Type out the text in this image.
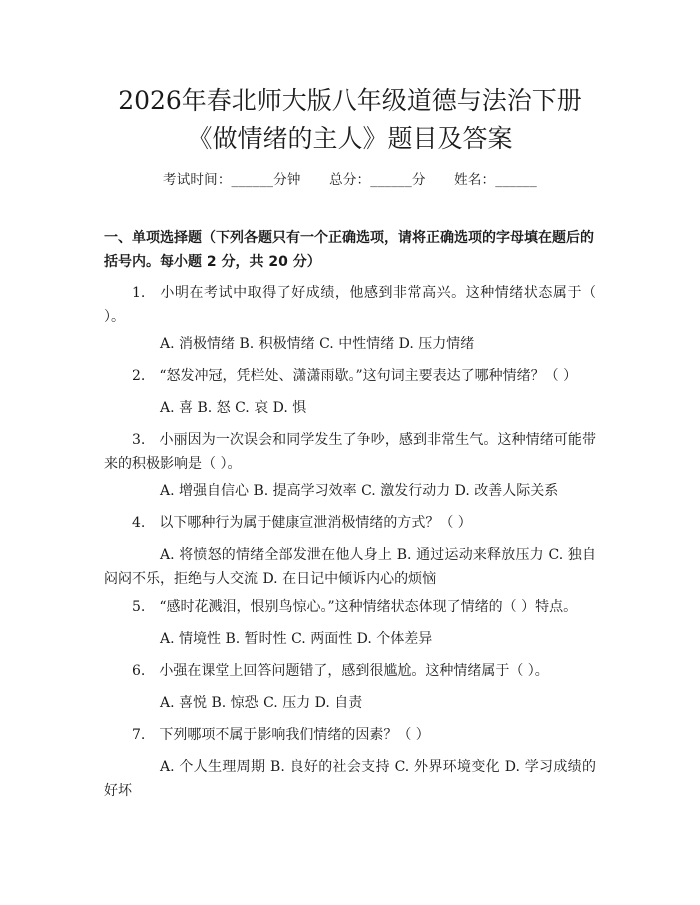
2026年春北师大版八年级道德与法治下册
《做情绪的主人》题目及答案
考试时间：______分钟 总分：______分 姓名：______
一、单项选择题（下列各题只有一个正确选项，请将正确选项的字母填在题后的括号内。每小题 2 分，共 20 分）
1.　小明在考试中取得了好成绩，他感到非常高兴。这种情绪状态属于（ ）。
A. 消极情绪 B. 积极情绪 C. 中性情绪 D. 压力情绪
2.　“怒发冲冠，凭栏处、潇潇雨歇。”这句词主要表达了哪种情绪？（ ）
A. 喜 B. 怒 C. 哀 D. 惧
3.　小丽因为一次误会和同学发生了争吵，感到非常生气。这种情绪可能带来的积极影响是（ ）。
A. 增强自信心 B. 提高学习效率 C. 激发行动力 D. 改善人际关系
4.　以下哪种行为属于健康宣泄消极情绪的方式？（ ）
A. 将愤怒的情绪全部发泄在他人身上 B. 通过运动来释放压力 C. 独自闷闷不乐，拒绝与人交流 D. 在日记中倾诉内心的烦恼
5.　“感时花溅泪，恨别鸟惊心。”这种情绪状态体现了情绪的（ ）特点。
A. 情境性 B. 暂时性 C. 两面性 D. 个体差异
6.　小强在课堂上回答问题错了，感到很尴尬。这种情绪属于（ ）。
A. 喜悦 B. 惊恐 C. 压力 D. 自责
7.　下列哪项不属于影响我们情绪的因素？（ ）
A. 个人生理周期 B. 良好的社会支持 C. 外界环境变化 D. 学习成绩的好坏
